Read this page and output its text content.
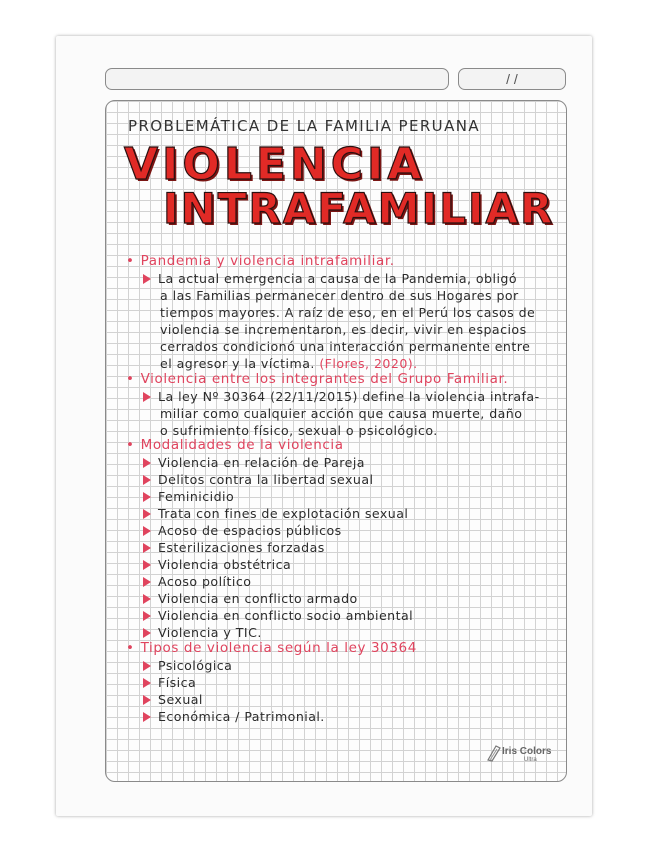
/ /
PROBLEMÁTICA DE LA FAMILIA PERUANA
VIOLENCIA
INTRAFAMILIAR
• Pandemia y violencia intrafamiliar.
La actual emergencia a causa de la Pandemia, obligó
a las Familias permanecer dentro de sus Hogares por
tiempos mayores. A raíz de eso, en el Perú los casos de
violencia se incrementaron, es decir, vivir en espacios
cerrados condicionó una interacción permanente entre
el agresor y la víctima. (Flores, 2020).
• Violencia entre los integrantes del Grupo Familiar.
La ley Nº 30364 (22/11/2015) define la violencia intrafa-
miliar como cualquier acción que causa muerte, daño
o sufrimiento físico, sexual o psicológico.
• Modalidades de la violencia
Violencia en relación de Pareja
Delitos contra la libertad sexual
Feminicidio
Trata con fines de explotación sexual
Acoso de espacios públicos
Esterilizaciones forzadas
Violencia obstétrica
Acoso político
Violencia en conflicto armado
Violencia en conflicto socio ambiental
Violencia y TIC.
• Tipos de violencia según la ley 30364
Psicológica
Física
Sexual
Económica / Patrimonial.
Iris Colors
Ultra
